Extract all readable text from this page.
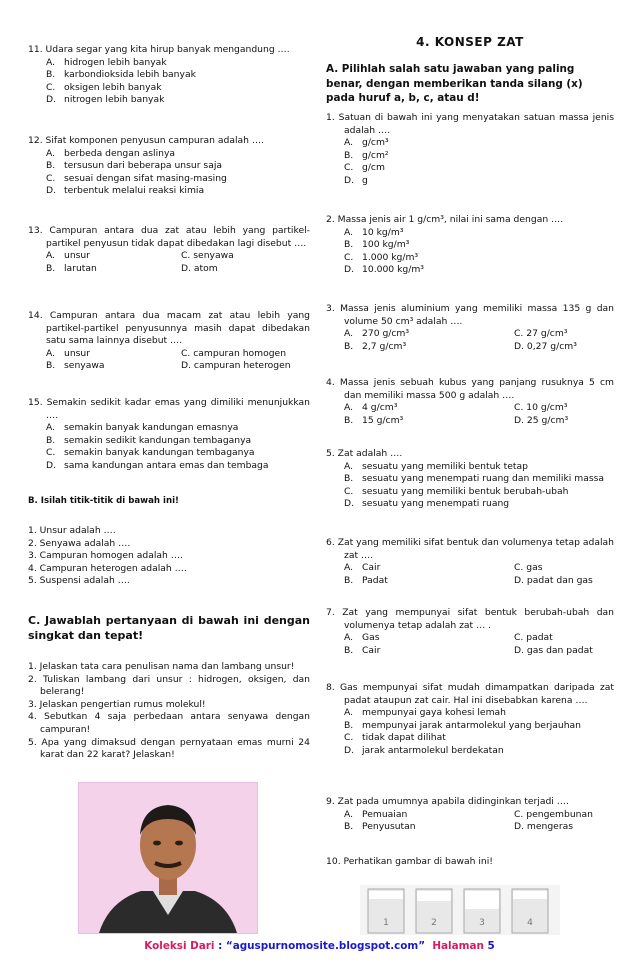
11. Udara segar yang kita hirup banyak mengandung .…
A. hidrogen lebih banyak
B. karbondioksida lebih banyak
C. oksigen lebih banyak
D. nitrogen lebih banyak
12. Sifat komponen penyusun campuran adalah ….
A. berbeda dengan aslinya
B. tersusun dari beberapa unsur saja
C. sesuai dengan sifat masing-masing
D. terbentuk melalui reaksi kimia
13. Campuran antara dua zat atau lebih yang partikel-partikel penyusun tidak dapat dibedakan lagi disebut ….
A. unsur	C. senyawa
B. larutan	D. atom
14. Campuran antara dua macam zat atau lebih yang partikel-partikel penyusunnya masih dapat dibedakan satu sama lainnya disebut ….
A. unsur	C. campuran homogen
B. senyawa	D. campuran heterogen
15. Semakin sedikit kadar emas yang dimiliki menunjukkan ….
A. semakin banyak kandungan emasnya
B. semakin sedikit kandungan tembaganya
C. semakin banyak kandungan tembaganya
D. sama kandungan antara emas dan tembaga
B. Isilah titik-titik di bawah ini!
1. Unsur adalah ….
2. Senyawa adalah ….
3. Campuran homogen adalah ….
4. Campuran heterogen adalah ….
5. Suspensi adalah ….
C. Jawablah pertanyaan di bawah ini dengan singkat dan tepat!
1. Jelaskan tata cara penulisan nama dan lambang unsur!
2. Tuliskan lambang dari unsur : hidrogen, oksigen, dan belerang!
3. Jelaskan pengertian rumus molekul!
4. Sebutkan 4 saja perbedaan antara senyawa dengan campuran!
5. Apa yang dimaksud dengan pernyataan emas murni 24 karat dan 22 karat? Jelaskan!
4. KONSEP ZAT
A. Pilihlah salah satu jawaban yang paling benar, dengan memberikan tanda silang (x) pada huruf a, b, c, atau d!
1. Satuan di bawah ini yang menyatakan satuan massa jenis adalah ….
A. g/cm³
B. g/cm²
C. g/cm
D. g
2. Massa jenis air 1 g/cm³, nilai ini sama dengan ….
A. 10 kg/m³
B. 100 kg/m³
C. 1.000 kg/m³
D. 10.000 kg/m³
3. Massa jenis aluminium yang memiliki massa 135 g dan volume 50 cm³ adalah ….
A. 270 g/cm³	C. 27 g/cm³
B. 2,7 g/cm³	D. 0,27 g/cm³
4. Massa jenis sebuah kubus yang panjang rusuknya 5 cm dan memiliki massa 500 g adalah ….
A. 4 g/cm³	C. 10 g/cm³
B. 15 g/cm³	D. 25 g/cm³
5. Zat adalah ….
A. sesuatu yang memiliki bentuk tetap
B. sesuatu yang menempati ruang dan memiliki massa
C. sesuatu yang memiliki bentuk berubah-ubah
D. sesuatu yang menempati ruang
6. Zat yang memiliki sifat bentuk dan volumenya tetap adalah zat ….
A. Cair	C. gas
B. Padat	D. padat dan gas
7. Zat yang mempunyai sifat bentuk berubah-ubah dan volumenya tetap adalah zat … .
A. Gas	C. padat
B. Cair	D. gas dan padat
8. Gas mempunyai sifat mudah dimampatkan daripada zat padat ataupun zat cair. Hal ini disebabkan karena ….
A. mempunyai gaya kohesi lemah
B. mempunyai jarak antarmolekul yang berjauhan
C. tidak dapat dilihat
D. jarak antarmolekul berdekatan
9. Zat pada umumnya apabila didinginkan terjadi ….
A. Pemuaian	C. pengembunan
B. Penyusutan	D. mengeras
10. Perhatikan gambar di bawah ini!
1	2	3	4
Koleksi Dari : “aguspurnomosite.blogspot.com” Halaman 5
